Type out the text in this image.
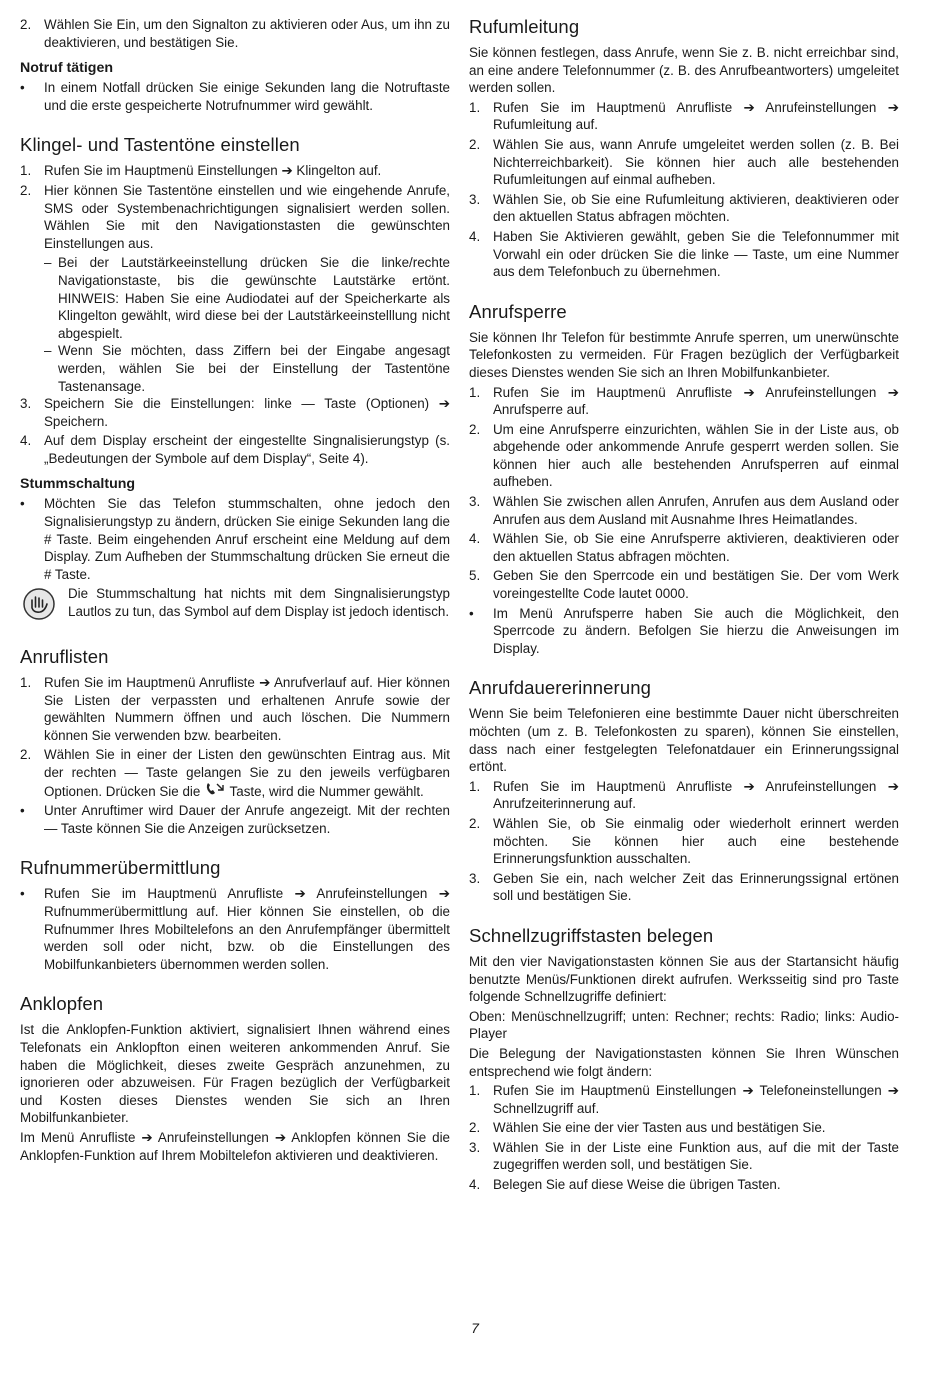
2. Wählen Sie Ein, um den Signalton zu aktivieren oder Aus, um ihn zu deaktivieren, und bestätigen Sie.
Notruf tätigen
•	In einem Notfall drücken Sie einige Sekunden lang die Notruftaste und die erste gespeicherte Notrufnummer wird gewählt.
Klingel- und Tastentöne einstellen
1. Rufen Sie im Hauptmenü Einstellungen ➔ Klingelton auf.
2. Hier können Sie Tastentöne einstellen und wie eingehende Anrufe, SMS oder Systembenachrichtigungen signalisiert werden sollen. Wählen Sie mit den Navigationstasten die gewünschten Einstellungen aus.
– Bei der Lautstärkeeinstellung drücken Sie die linke/rechte Navigationstaste, bis die gewünschte Lautstärke ertönt. HINWEIS: Haben Sie eine Audiodatei auf der Speicherkarte als Klingelton gewählt, wird diese bei der Lautstärkeeinstelllung nicht abgespielt.
– Wenn Sie möchten, dass Ziffern bei der Eingabe angesagt werden, wählen Sie bei der Einstellung der Tastentöne Tastenansage.
3. Speichern Sie die Einstellungen: linke — Taste (Optionen) ➔ Speichern.
4. Auf dem Display erscheint der eingestellte Singnalisierungstyp (s. „Bedeutungen der Symbole auf dem Display“, Seite 4).
Stummschaltung
•	Möchten Sie das Telefon stummschalten, ohne jedoch den Signalisierungstyp zu ändern, drücken Sie einige Sekunden lang die # Taste. Beim eingehenden Anruf erscheint eine Meldung auf dem Display. Zum Aufheben der Stummschaltung drücken Sie erneut die # Taste.
Die Stummschaltung hat nichts mit dem Singnalisierungstyp Lautlos zu tun, das Symbol auf dem Display ist jedoch identisch.
Anruflisten
1. Rufen Sie im Hauptmenü Anrufliste ➔ Anrufverlauf auf. Hier können Sie Listen der verpassten und erhaltenen Anrufe sowie der gewählten Nummern öffnen und auch löschen. Die Nummern können Sie verwenden bzw. bearbeiten.
2. Wählen Sie in einer der Listen den gewünschten Eintrag aus. Mit der rechten — Taste gelangen Sie zu den jeweils verfügbaren Optionen. Drücken Sie die Taste, wird die Nummer gewählt.
•	Unter Anruftimer wird Dauer der Anrufe angezeigt. Mit der rechten — Taste können Sie die Anzeigen zurücksetzen.
Rufnummerübermittlung
•	Rufen Sie im Hauptmenü Anrufliste ➔ Anrufeinstellungen ➔ Rufnummerübermittlung auf. Hier können Sie einstellen, ob die Rufnummer Ihres Mobiltelefons an den Anrufempfänger übermittelt werden soll oder nicht, bzw. ob die Einstellungen des Mobilfunkanbieters übernommen werden sollen.
Anklopfen

Ist die Anklopfen-Funktion aktiviert, signalisiert Ihnen während eines Telefonats ein Anklopfton einen weiteren ankommenden Anruf. Sie haben die Möglichkeit, dieses zweite Gespräch anzunehmen, zu ignorieren oder abzuweisen. Für Fragen bezüglich der Verfügbarkeit und Kosten dieses Dienstes wenden Sie sich an Ihren Mobilfunkanbieter.

Im Menü Anrufliste ➔ Anrufeinstellungen ➔ Anklopfen können Sie die Anklopfen-Funktion auf Ihrem Mobiltelefon aktivieren und deaktivieren.

Rufumleitung

Sie können festlegen, dass Anrufe, wenn Sie z. B. nicht erreichbar sind, an eine andere Telefonnummer (z. B. des Anrufbeantworters) umgeleitet werden sollen.

1. Rufen Sie im Hauptmenü Anrufliste ➔ Anrufeinstellungen ➔ Rufumleitung auf.
2. Wählen Sie aus, wann Anrufe umgeleitet werden sollen (z. B. Bei Nichterreichbarkeit). Sie können hier auch alle bestehenden Rufumleitungen auf einmal aufheben.
3. Wählen Sie, ob Sie eine Rufumleitung aktivieren, deaktivieren oder den aktuellen Status abfragen möchten.
4. Haben Sie Aktivieren gewählt, geben Sie die Telefonnummer mit Vorwahl ein oder drücken Sie die linke — Taste, um eine Nummer aus dem Telefonbuch zu übernehmen.
Anrufsperre

Sie können Ihr Telefon für bestimmte Anrufe sperren, um unerwünschte Telefonkosten zu vermeiden. Für Fragen bezüglich der Verfügbarkeit dieses Dienstes wenden Sie sich an Ihren Mobilfunkanbieter.

1. Rufen Sie im Hauptmenü Anrufliste ➔ Anrufeinstellungen ➔ Anrufsperre auf.
2. Um eine Anrufsperre einzurichten, wählen Sie in der Liste aus, ob abgehende oder ankommende Anrufe gesperrt werden sollen. Sie können hier auch alle bestehenden Anrufsperren auf einmal aufheben.
3. Wählen Sie zwischen allen Anrufen, Anrufen aus dem Ausland oder Anrufen aus dem Ausland mit Ausnahme Ihres Heimatlandes.
4. Wählen Sie, ob Sie eine Anrufsperre aktivieren, deaktivieren oder den aktuellen Status abfragen möchten.
5. Geben Sie den Sperrcode ein und bestätigen Sie. Der vom Werk voreingestellte Code lautet 0000.
•	Im Menü Anrufsperre haben Sie auch die Möglichkeit, den Sperrcode zu ändern. Befolgen Sie hierzu die Anweisungen im Display.
Anrufdauererinnerung

Wenn Sie beim Telefonieren eine bestimmte Dauer nicht überschreiten möchten (um z. B. Telefonkosten zu sparen), können Sie einstellen, dass nach einer festgelegten Telefonatdauer ein Erinnerungssignal ertönt.

1. Rufen Sie im Hauptmenü Anrufliste ➔ Anrufeinstellungen ➔ Anrufzeiterinnerung auf.
2. Wählen Sie, ob Sie einmalig oder wiederholt erinnert werden möchten. Sie können hier auch eine bestehende Erinnerungsfunktion ausschalten.
3. Geben Sie ein, nach welcher Zeit das Erinnerungssignal ertönen soll und bestätigen Sie.
Schnellzugriffstasten belegen

Mit den vier Navigationstasten können Sie aus der Startansicht häufig benutzte Menüs/Funktionen direkt aufrufen. Werksseitig sind pro Taste folgende Schnellzugriffe definiert:

Oben: Menüschnellzugriff; unten: Rechner; rechts: Radio; links: Audio-Player

Die Belegung der Navigationstasten können Sie Ihren Wünschen entsprechend wie folgt ändern:

1. Rufen Sie im Hauptmenü Einstellungen ➔ Telefoneinstellungen ➔ Schnellzugriff auf.
2. Wählen Sie eine der vier Tasten aus und bestätigen Sie.
3. Wählen Sie in der Liste eine Funktion aus, auf die mit der Taste zugegriffen werden soll, und bestätigen Sie.
4. Belegen Sie auf diese Weise die übrigen Tasten.
7
